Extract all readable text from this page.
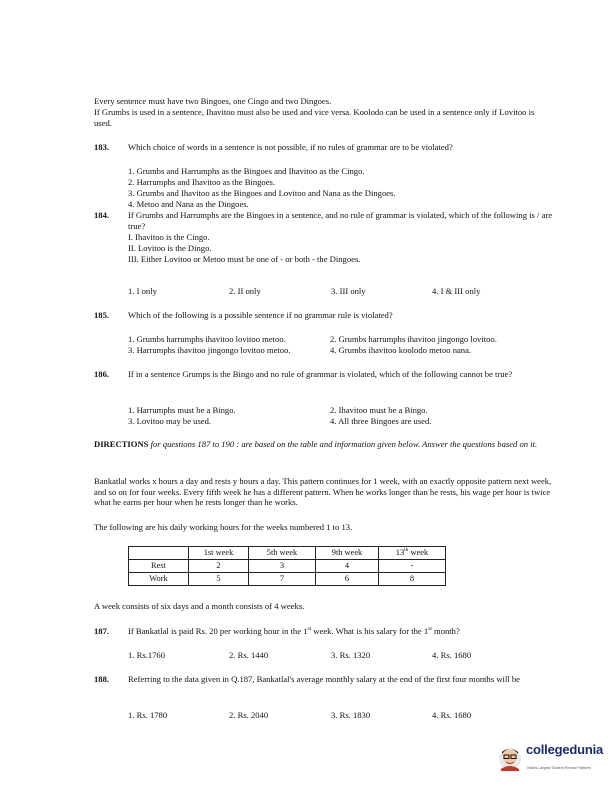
Every sentence must have two Bingoes, one Cingo and two Dingoes.

If Grumbs is used in a sentence, Ihavitoo must also be used and vice versa. Koolodo can be used in a sentence only if Lovitoo is used.

183. Which choice of words in a sentence is not possible, if no rules of grammar are to be violated?

1. Grumbs and Harrumphs as the Bingoes and Ihavitoo as the Cingo.
2. Harrumphs and Ihavitoo as the Bingoes.
3. Grumbs and Ihavitoo as the Bingoes and Lovitoo and Nana as the Dingoes.
4. Metoo and Nana as the Dingoes.
184. If Grumbs and Harrumphs are the Bingoes in a sentence, and no rule of grammar is violated, which of the following is / are true?

I. Ihavitoo is the Cingo.
II. Lovitoo is the Dingo.
III. Either Lovitoo or Metoo must be one of - or both - the Dingoes.
1. I only	2. II only	3. III only	4. I & III only
185. Which of the following is a possible sentence if no grammar rule is violated?

1. Grumbs harrumphs ihavitoo lovitoo metoo.	2. Grumbs harrumphs ihavitoo jingongo lovitoo.
3. Harrumphs ihavitoo jingongo lovitoo metoo.	4. Grumbs ihavitoo koolodo metoo nana.
186. If in a sentence Grumps is the Bingo and no rule of grammar is violated, which of the following cannot be true?

1. Harrumphs must be a Bingo.	2. Ihavitoo must be a Bingo.
3. Lovitoo may be used.	4. All three Bingoes are used.

DIRECTIONS for questions 187 to 190 : are based on the table and information given below. Answer the questions based on it.

Bankatlal works x hours a day and rests y hours a day. This pattern continues for 1 week, with an exactly opposite pattern next week, and so on for four weeks. Every fifth week he has a different pattern. When he works longer than he rests, his wage per hour is twice what he earns per hour when he rests longer than he works.

The following are his daily working hours for the weeks numbered 1 to 13.

	1st week	5th week	9th week	13th week
Rest	2	3	4	-
Work	5	7	6	8

A week consists of six days and a month consists of 4 weeks.

187. If Bankatlal is paid Rs. 20 per working hour in the 1st week. What is his salary for the 1st month?

1. Rs.1760	2. Rs. 1440	3. Rs. 1320	4. Rs. 1680
188. Referring to the data given in Q.187, Bankatlal's average monthly salary at the end of the first four months will be

1. Rs. 1780	2. Rs. 2040	3. Rs. 1830	4. Rs. 1680
collegedunia
India's Largest Student Review Platform
